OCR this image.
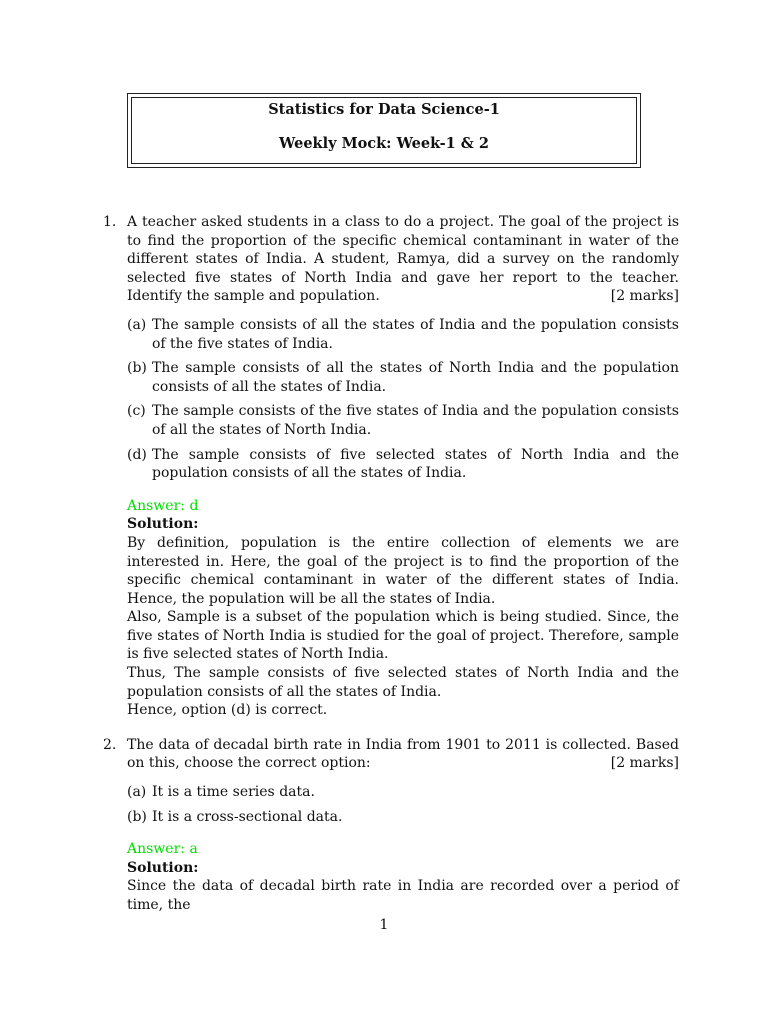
Statistics for Data Science-1
Weekly Mock: Week-1 & 2
1. A teacher asked students in a class to do a project. The goal of the project is to find the proportion of the specific chemical contaminant in water of the different states of India. A student, Ramya, did a survey on the randomly selected five states of North India and gave her report to the teacher. Identify the sample and population.	[2 marks]

(a) The sample consists of all the states of India and the population consists of the five states of India.
(b) The sample consists of all the states of North India and the population consists of all the states of India.
(c) The sample consists of the five states of India and the population consists of all the states of North India.
(d) The sample consists of five selected states of North India and the population consists of all the states of India.
Answer: d
Solution:

By definition, population is the entire collection of elements we are interested in. Here, the goal of the project is to find the proportion of the specific chemical contaminant in water of the different states of India. Hence, the population will be all the states of India.

Also, Sample is a subset of the population which is being studied. Since, the five states of North India is studied for the goal of project. Therefore, sample is five selected states of North India.

Thus, The sample consists of five selected states of North India and the population consists of all the states of India.

Hence, option (d) is correct.

2. The data of decadal birth rate in India from 1901 to 2011 is collected. Based on this, choose the correct option:	[2 marks]

(a) It is a time series data.
(b) It is a cross-sectional data.
Answer: a
Solution:

Since the data of decadal birth rate in India are recorded over a period of time, the

1
